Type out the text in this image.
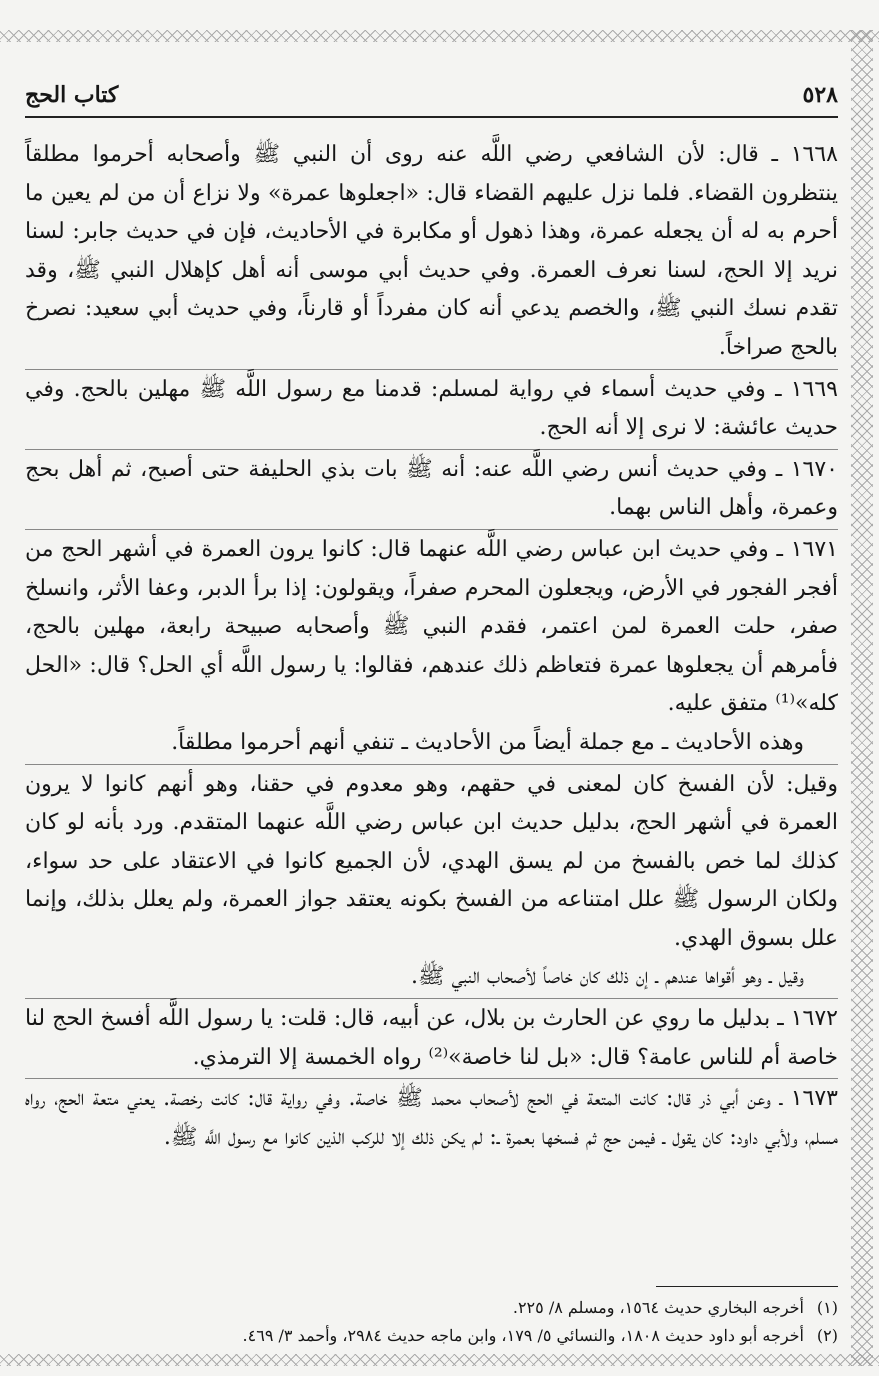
٥٢٨
كتاب الحج

١٦٦٨ ـ قال: لأن الشافعي رضي اللَّه عنه روى أن النبي ﷺ وأصحابه أحرموا مطلقاً ينتظرون القضاء. فلما نزل عليهم القضاء قال: «اجعلوها عمرة» ولا نزاع أن من لم يعين ما أحرم به له أن يجعله عمرة، وهذا ذهول أو مكابرة في الأحاديث، فإن في حديث جابر: لسنا نريد إلا الحج، لسنا نعرف العمرة. وفي حديث أبي موسى أنه أهل كإهلال النبي ﷺ، وقد تقدم نسك النبي ﷺ، والخصم يدعي أنه كان مفرداً أو قارناً، وفي حديث أبي سعيد: نصرخ بالحج صراخاً.

١٦٦٩ ـ وفي حديث أسماء في رواية لمسلم: قدمنا مع رسول اللَّه ﷺ مهلين بالحج. وفي حديث عائشة: لا نرى إلا أنه الحج.

١٦٧٠ ـ وفي حديث أنس رضي اللَّه عنه: أنه ﷺ بات بذي الحليفة حتى أصبح، ثم أهل بحج وعمرة، وأهل الناس بهما.

١٦٧١ ـ وفي حديث ابن عباس رضي اللَّه عنهما قال: كانوا يرون العمرة في أشهر الحج من أفجر الفجور في الأرض، ويجعلون المحرم صفراً، ويقولون: إذا برأ الدبر، وعفا الأثر، وانسلخ صفر، حلت العمرة لمن اعتمر، فقدم النبي ﷺ وأصحابه صبيحة رابعة، مهلين بالحج، فأمرهم أن يجعلوها عمرة فتعاظم ذلك عندهم، فقالوا: يا رسول اللَّه أي الحل؟ قال: «الحل كله»⁽¹⁾ متفق عليه.

وهذه الأحاديث ـ مع جملة أيضاً من الأحاديث ـ تنفي أنهم أحرموا مطلقاً.

وقيل: لأن الفسخ كان لمعنى في حقهم، وهو معدوم في حقنا، وهو أنهم كانوا لا يرون العمرة في أشهر الحج، بدليل حديث ابن عباس رضي اللَّه عنهما المتقدم. ورد بأنه لو كان كذلك لما خص بالفسخ من لم يسق الهدي، لأن الجميع كانوا في الاعتقاد على حد سواء، ولكان الرسول ﷺ علل امتناعه من الفسخ بكونه يعتقد جواز العمرة، ولم يعلل بذلك، وإنما علل بسوق الهدي.

وقيل ـ وهو أقواها عندهم ـ إن ذلك كان خاصاً لأصحاب النبي ﷺ.

١٦٧٢ ـ بدليل ما روي عن الحارث بن بلال، عن أبيه، قال: قلت: يا رسول اللَّه أفسخ الحج لنا خاصة أم للناس عامة؟ قال: «بل لنا خاصة»⁽²⁾ رواه الخمسة إلا الترمذي.

١٦٧٣ ـ وعن أبي ذر قال: كانت المتعة في الحج لأصحاب محمد ﷺ خاصة. وفي رواية قال: كانت رخصة. يعني متعة الحج، رواه مسلم، ولأبي داود: كان يقول ـ فيمن حج ثم فسخها بعمرة ـ: لم يكن ذلك إلا للركب الذين كانوا مع رسول اللَّه ﷺ.

(١)
أخرجه البخاري حديث ١٥٦٤، ومسلم ٨/ ٢٢٥.
(٢)
أخرجه أبو داود حديث ١٨٠٨، والنسائي ٥/ ١٧٩، وابن ماجه حديث ٢٩٨٤، وأحمد ٣/ ٤٦٩.
